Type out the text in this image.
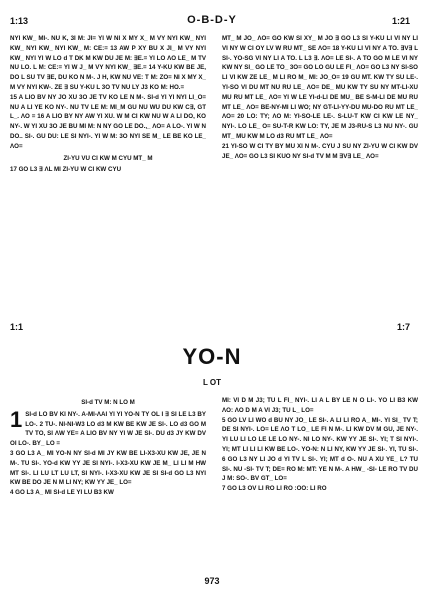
1:13	O-B-D-Y	1:21

NYI KW_ MI-. NU K, 3I M: JI= YI W NI X MY X_ M VY NYI KW_ NYI KW_ NYI KW_ NYI KW_ M: CE:= 13 AW P XY BU X JI_ M VY NYI KW_ NYI YI W LO d T DK M KW DU JE M: ∃E.= YI LO ΛO LE_ M TV NU LO. L M: CE:= YI W J_ M VY NYI KW_ ∃E.= 14 Y-KU KW BE JE, DO L SU TV ∃E, DU KO N M-. J H, KW NU VE: T M: ZO= NI X MY X_ M VY NYI KW-. ZE ∃ SU Y-KU L 3O TV NU LY J3 KO M: HO.=

15 A LIO BV NY JO XU 3O JE TV KO LE N M-. SI-d YI YI NYI LI_O= NU A LI YE KO NY-. NU TV LE M: MI_M GU NU WU DU KW C∃, GT L_. ΛO = 16 A LIO BY NY AW YI XU. W M CI KW NU W A LI DO, KO NY-. W YI XU 3O JE BU MI M: N NY GO LE DO.,_ ΛO= A LO-. YI W N DO.. SI-. GU DU: LE SI NYI-. YI W M: 3O NYI SE M_ LE BE KO LE_ ΛO=

ZI-YU VU CI KW M CYU MT_ M

17 GO L3 ∃ ΛL MI ZI-YU W CI KW CYU

MT_ M JO_ ΛO= GO KW SI XY_ M JO ∃ GO L3 SI Y-KU LI VI NY LI VI NY W CI OY LV W RU MT_ SE ΛO= 18 Y-KU LI VI NY A TO. ∃V∃ L SI-. YO-SG VI NY LI A TO. L L3 ∃. ΛO= LE SI-. A TO GO M LE VI NY KW NY SI_ GO LE TO_ 3O= GO LO GU LE FI_ ΛO= GO L3 NY SI-SO LI VI KW ZE LE_ M LI RO M_ MI: JO_O= 19 GU MT. KW TY SU LE-. YI-SO VI DU MT NU RU LE_ ΛO= DE_ MU KW TY SU NY MT-LI-XU MU RU MT LE_ ΛO= YI W LE YI-d-LI DE MU_ BE S-M-LI DE MU RU MT LE_ ΛO= BE-NY-MI LI WO; NY GT-LI-YY-DU MU-DO RU MT LE_ ΛO= 20 LO: TY; ΛO M: YI-SO-LE LE-. S-LU-T KW CI KW LE NY_ NYI-. LO LE_ O= SU-T-R KW LO: TY, JE M J3-RU-S L3 NU NY-. GU MT_ MU KW M LO d3 RU MT LE_ ΛO=

21 YI-SO W CI TY BY MU XI N M-. CYU J SU NY ZI-YU W CI KW DV JE_ ΛO= GO L3 SI KUO NY SI-d TV M M ∃V∃ LE_ ΛO=

1:1	1:7
YO-N
L OT

SI-d TV M: N LO M

1 SI-d LO BV KI NY-. A-MI-ΛAI YI YI YO-N TY OL I ∃ SI LE L3 BY LO-. 2 TU-. NI-NI-W3 LO d3 M KW BE KW JE SI-. LO d3 GO M TV TO, SI ΛW YE= A LIO BV NY YI W JE SI-. DU d3 JY KW DV OI LO-. BY_ LO =

3 GO L3 A_ MI YO-N NY SI-d MI JY KW BE LI-X3-XU KW JE, JE N M-. TU SI-. YO-d KW YY JE SI NYI-. I-X3-XU KW JE M_ LI LI M HW MT SI-. LI LU LT LU LT, SI NYI-. I-X3-XU KW JE SI SI-d GO L3 NYI KW BE DO JE N M LI NY; KW YY JE_ LO=

4 GO L3 A_ MI SI-d LE YI LU B3 KW

MI: VI D M J3; TU L FI_ NYI-. LI A L BY LE N O LI-. YO LI B3 KW ΛO: ΛO D M A VI J3; TU L_ LO=

5 GO LV LI WO d BU NY JO_ LE SI-. A LI LI RO A_ MI-. YI SI_ TV T; DE SI NYI-. LO= LE ΛO T LO_ LE FI N M-. LI KW DV M GU, JE NY-. YI LU LI LO LE LE LO NY-. NI LO NY-. KW YY JE SI-. YI; T SI NYI-. YI; MT LI LI LI KW BE LO-. YO-N: N LI NY, KW YY JE SI-. YI, TU SI-. 6 GO L3 NY LI JO d YI TV L SI-. YI; MT d O-. NU A XU YE_ L? TU SI-. NU -SI- TV T; DE= RO M: MT: YE N M-. A HW_ -SI- LE RO TV DU J M: SO-. BV GT_ LO=

7 GO L3 OV LI RO LI RO :OO: LI RO

973
